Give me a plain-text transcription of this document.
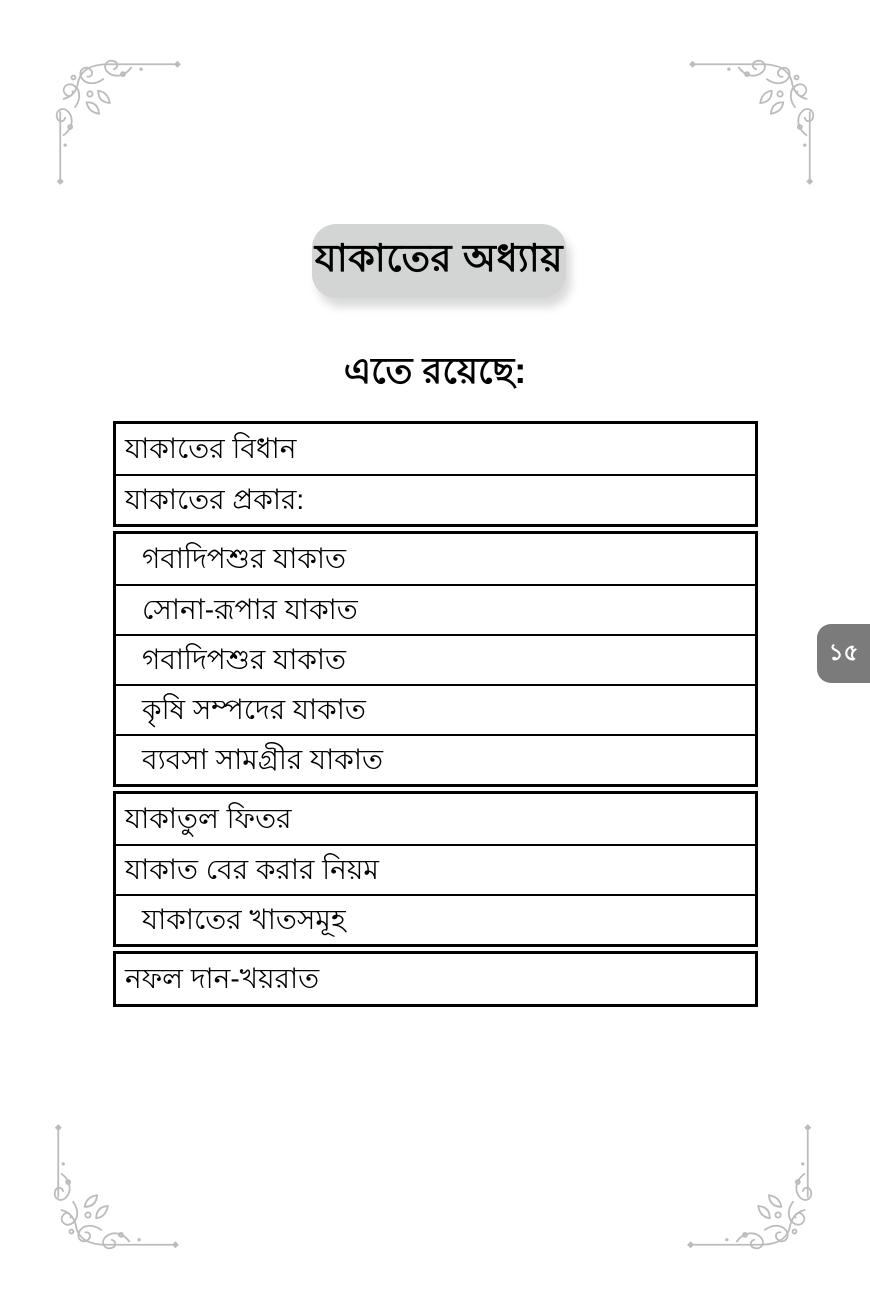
যাকাতের অধ্যায়
এতে রয়েছে:
যাকাতের বিধান
যাকাতের প্রকার:
গবাদিপশুর যাকাত
সোনা-রূপার যাকাত
গবাদিপশুর যাকাত
কৃষি সম্পদের যাকাত
ব্যবসা সামগ্রীর যাকাত
যাকাতুল ফিতর
যাকাত বের করার নিয়ম
যাকাতের খাতসমূহ
নফল দান-খয়রাত
১৫
